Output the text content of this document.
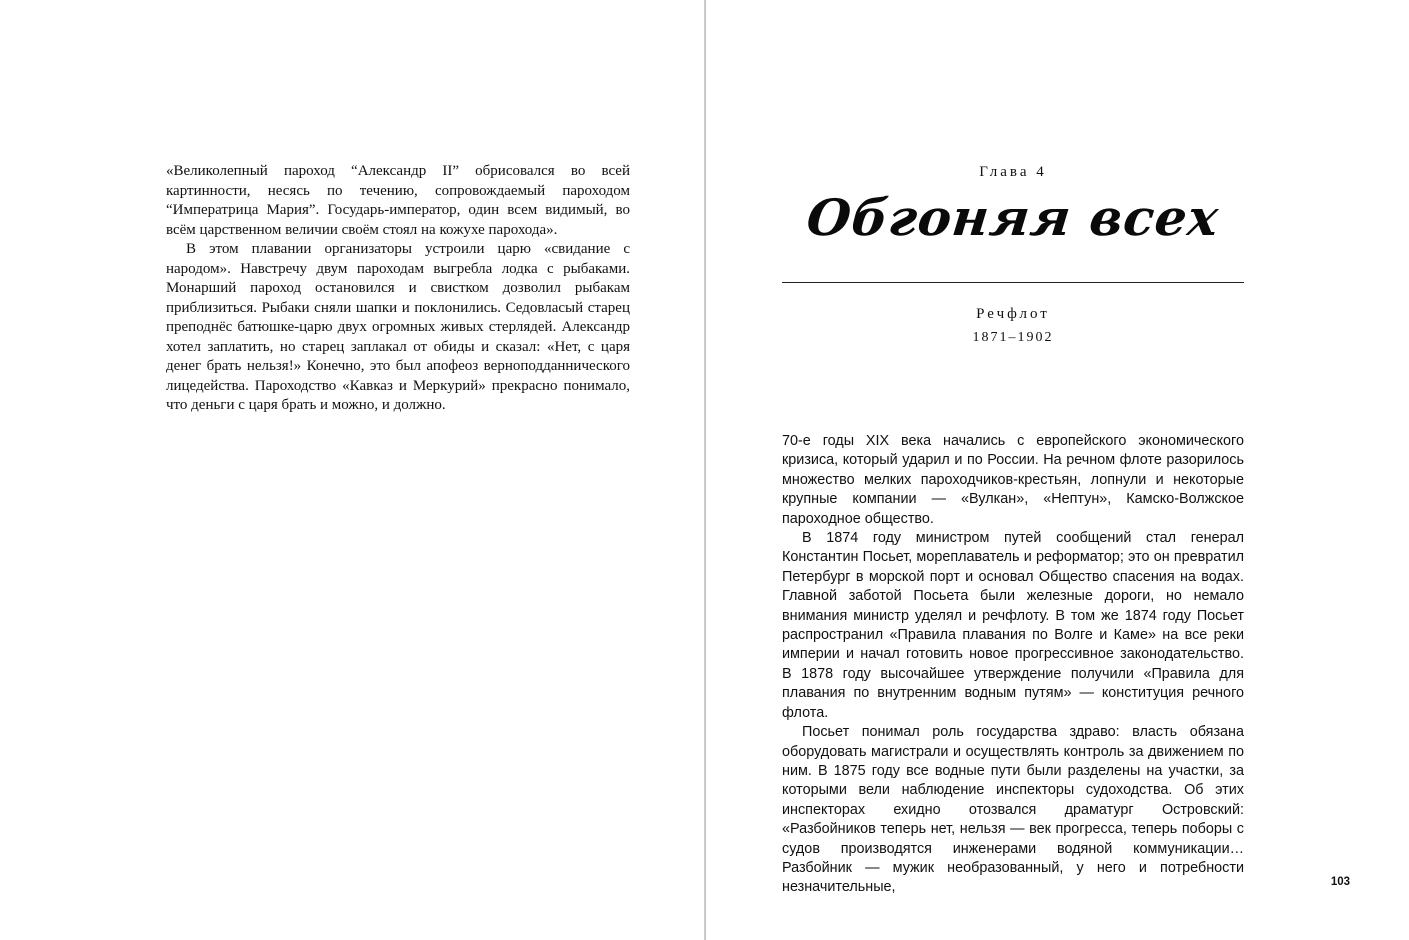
«Великолепный пароход “Александр II” обрисовался во всей картинности, несясь по течению, сопровождаемый пароходом “Императрица Мария”. Государь-император, один всем видимый, во всём царственном величии своём стоял на кожухе парохода».

В этом плавании организаторы устроили царю «свидание с народом». Навстречу двум пароходам выгребла лодка с рыбаками. Монарший пароход остановился и свистком дозволил рыбакам приблизиться. Рыбаки сняли шапки и поклонились. Седовласый старец преподнёс батюшке-царю двух огромных живых стерлядей. Александр хотел заплатить, но старец заплакал от обиды и сказал: «Нет, с царя денег брать нельзя!» Конечно, это был апофеоз верноподданнического лицедейства. Пароходство «Кавказ и Меркурий» прекрасно понимало, что деньги с царя брать и можно, и должно.

Глава 4
Обгоняя всех
Речфлот
1871–1902

70-е годы XIX века начались с европейского экономического кризиса, который ударил и по России. На речном флоте разорилось множество мелких пароходчиков-крестьян, лопнули и некоторые крупные компании — «Вулкан», «Нептун», Камско-Волжское пароходное общество.

В 1874 году министром путей сообщений стал генерал Константин Посьет, мореплаватель и реформатор; это он превратил Петербург в морской порт и основал Общество спасения на водах. Главной заботой Посьета были железные дороги, но немало внимания министр уделял и речфлоту. В том же 1874 году Посьет распространил «Правила плавания по Волге и Каме» на все реки империи и начал готовить новое прогрессивное законодательство. В 1878 году высочайшее утверждение получили «Правила для плавания по внутренним водным путям» — конституция речного флота.

Посьет понимал роль государства здраво: власть обязана оборудовать магистрали и осуществлять контроль за движением по ним. В 1875 году все водные пути были разделены на участки, за которыми вели наблюдение инспекторы судоходства. Об этих инспекторах ехидно отозвался драматург Островский: «Разбойников теперь нет, нельзя — век прогресса, теперь поборы с судов производятся инженерами водяной коммуникации… Разбойник — мужик необразованный, у него и потребности незначительные,	103
